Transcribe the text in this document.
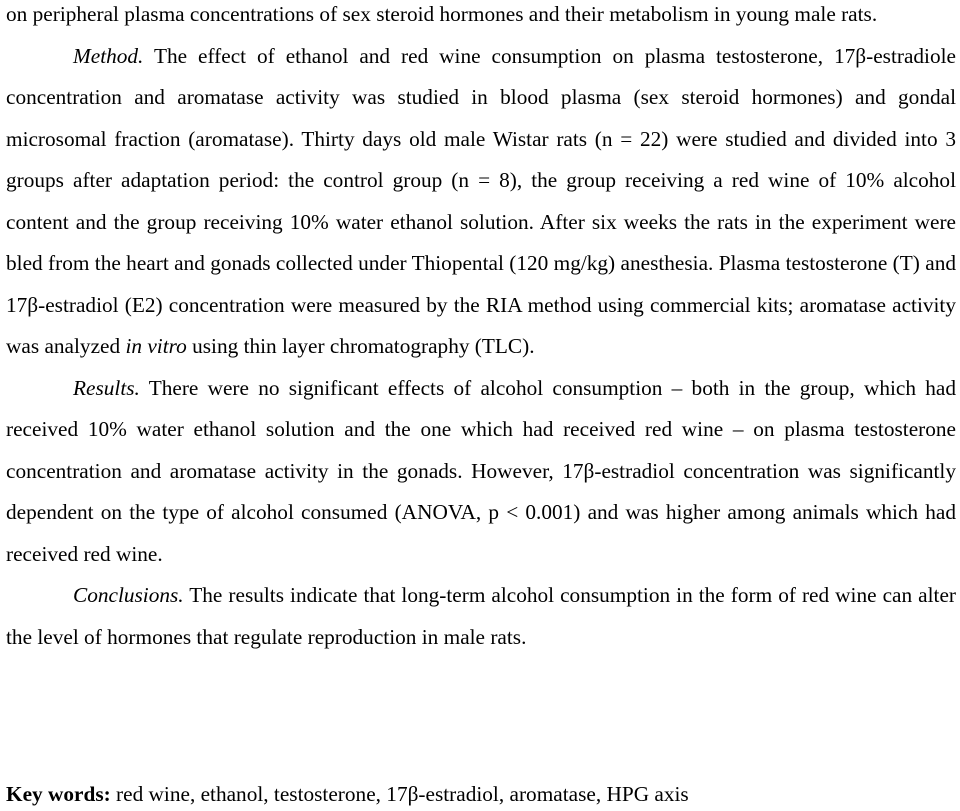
on peripheral plasma concentrations of sex steroid hormones and their metabolism in young male rats.

Method. The effect of ethanol and red wine consumption on plasma testosterone, 17β-estradiole concentration and aromatase activity was studied in blood plasma (sex steroid hormones) and gondal microsomal fraction (aromatase). Thirty days old male Wistar rats (n = 22) were studied and divided into 3 groups after adaptation period: the control group (n = 8), the group receiving a red wine of 10% alcohol content and the group receiving 10% water ethanol solution. After six weeks the rats in the experiment were bled from the heart and gonads collected under Thiopental (120 mg/kg) anesthesia. Plasma testosterone (T) and 17β-estradiol (E2) concentration were measured by the RIA method using commercial kits; aromatase activity was analyzed in vitro using thin layer chromatography (TLC).

Results. There were no significant effects of alcohol consumption – both in the group, which had received 10% water ethanol solution and the one which had received red wine – on plasma testosterone concentration and aromatase activity in the gonads. However, 17β-estradiol concentration was significantly dependent on the type of alcohol consumed (ANOVA, p < 0.001) and was higher among animals which had received red wine.

Conclusions. The results indicate that long-term alcohol consumption in the form of red wine can alter the level of hormones that regulate reproduction in male rats.

Key words: red wine, ethanol, testosterone, 17β-estradiol, aromatase, HPG axis
